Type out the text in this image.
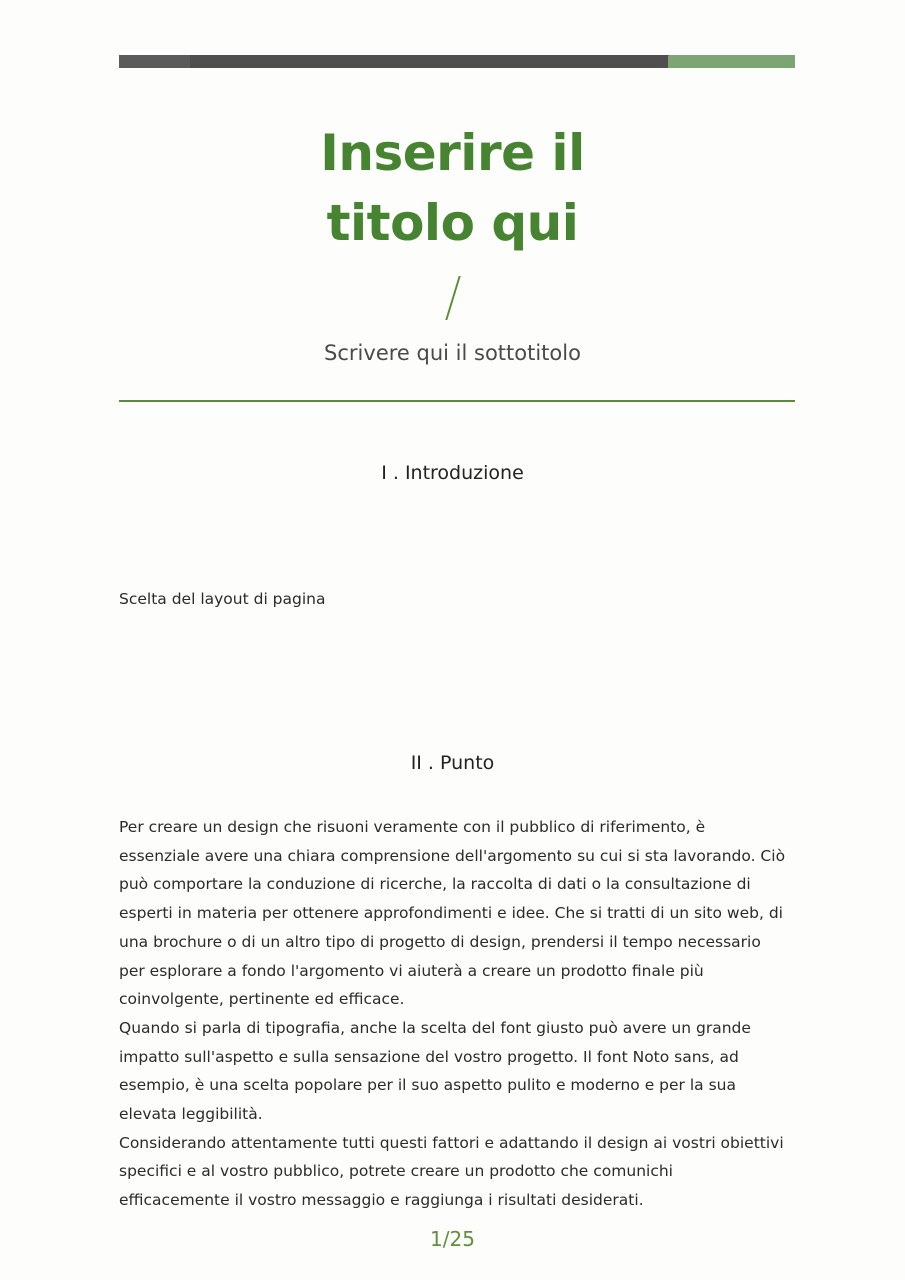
Inserire il
titolo qui
Scrivere qui il sottotitolo
I . Introduzione

Scelta del layout di pagina

II . Punto

Per creare un design che risuoni veramente con il pubblico di riferimento, è essenziale avere una chiara comprensione dell'argomento su cui si sta lavorando. Ciò può comportare la conduzione di ricerche, la raccolta di dati o la consultazione di esperti in materia per ottenere approfondimenti e idee. Che si tratti di un sito web, di una brochure o di un altro tipo di progetto di design, prendersi il tempo necessario per esplorare a fondo l'argomento vi aiuterà a creare un prodotto finale più coinvolgente, pertinente ed efficace.

Quando si parla di tipografia, anche la scelta del font giusto può avere un grande impatto sull'aspetto e sulla sensazione del vostro progetto. Il font Noto sans, ad esempio, è una scelta popolare per il suo aspetto pulito e moderno e per la sua elevata leggibilità.

Considerando attentamente tutti questi fattori e adattando il design ai vostri obiettivi specifici e al vostro pubblico, potrete creare un prodotto che comunichi efficacemente il vostro messaggio e raggiunga i risultati desiderati.

1/25
